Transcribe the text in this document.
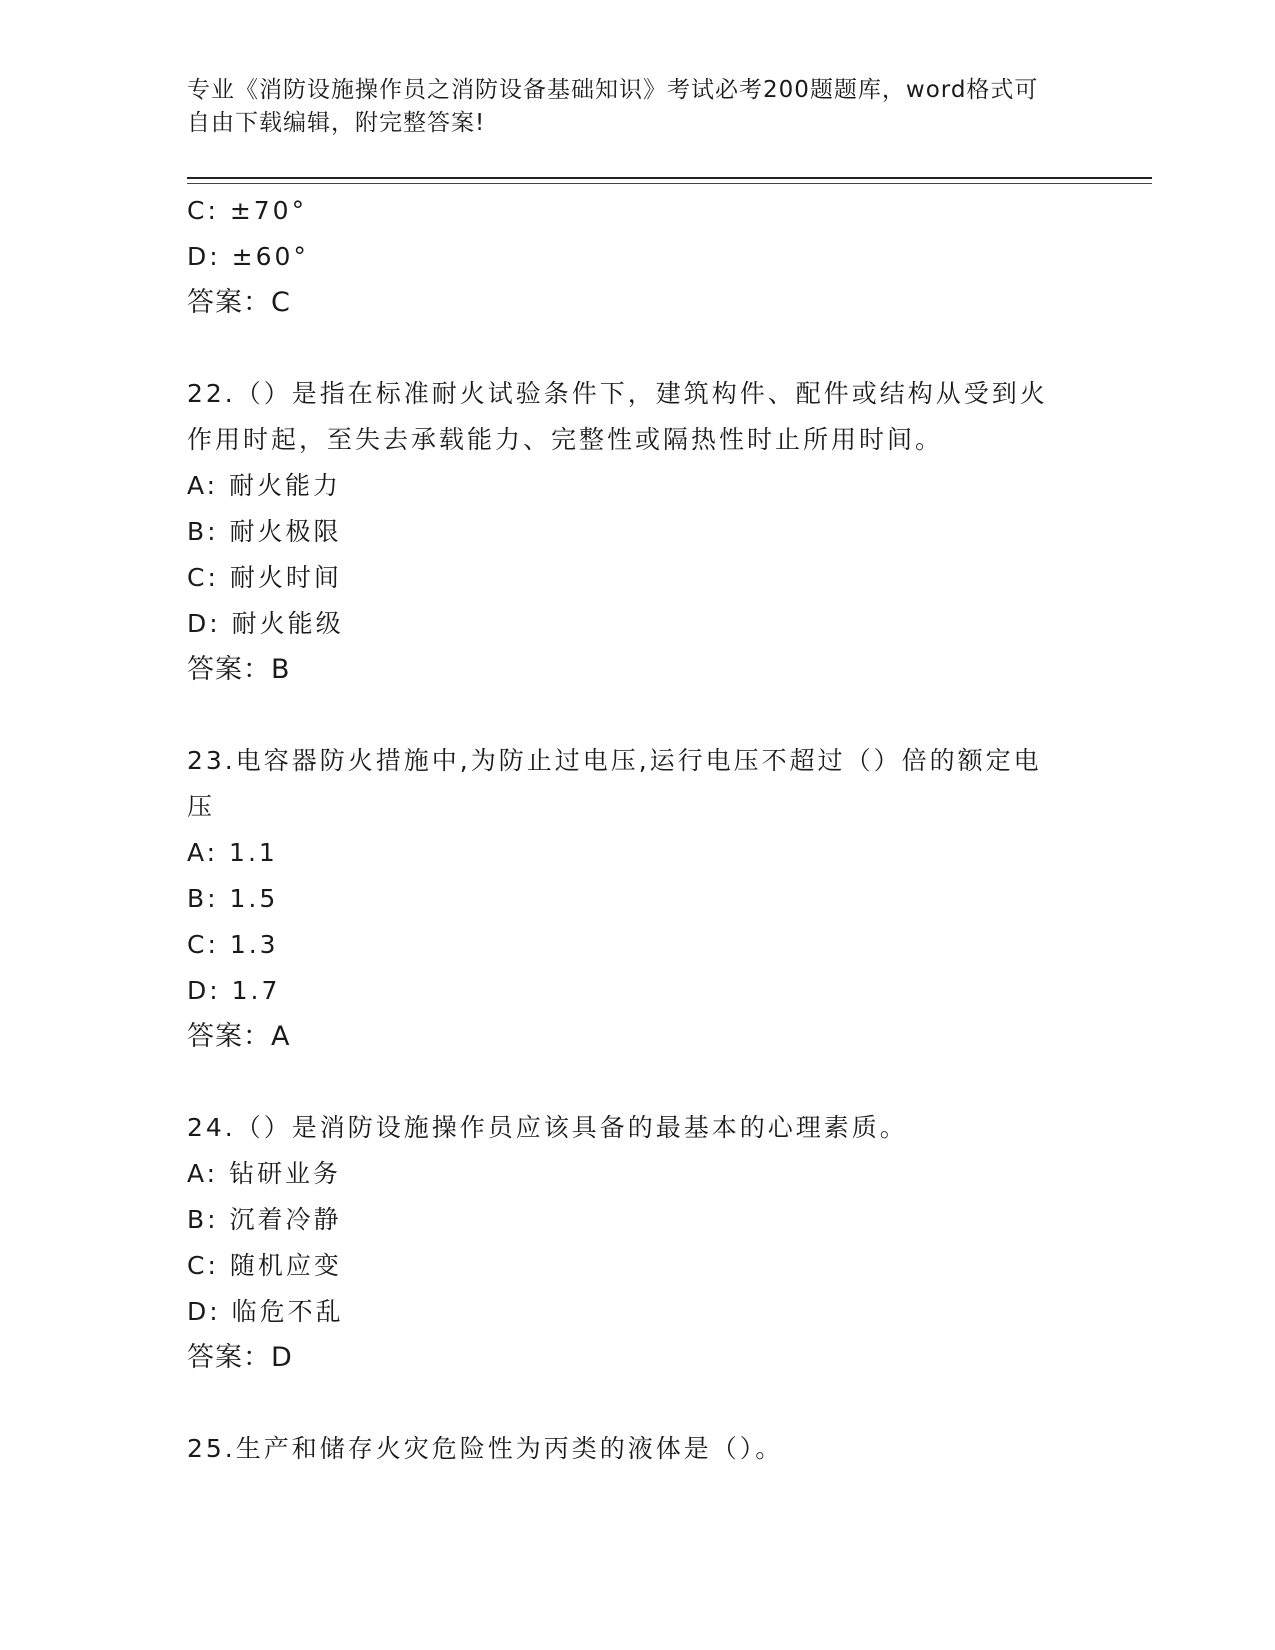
专业《消防设施操作员之消防设备基础知识》考试必考200题题库，word格式可
自由下载编辑，附完整答案!
C: ±70°
D: ±60°
答案：C
22.（）是指在标准耐火试验条件下，建筑构件、配件或结构从受到火
作用时起，至失去承载能力、完整性或隔热性时止所用时间。
A: 耐火能力
B: 耐火极限
C: 耐火时间
D: 耐火能级
答案：B
23.电容器防火措施中,为防止过电压,运行电压不超过（）倍的额定电
压
A: 1.1
B: 1.5
C: 1.3
D: 1.7
答案：A
24.（）是消防设施操作员应该具备的最基本的心理素质。
A: 钻研业务
B: 沉着冷静
C: 随机应变
D: 临危不乱
答案：D
25.生产和储存火灾危险性为丙类的液体是（）。
